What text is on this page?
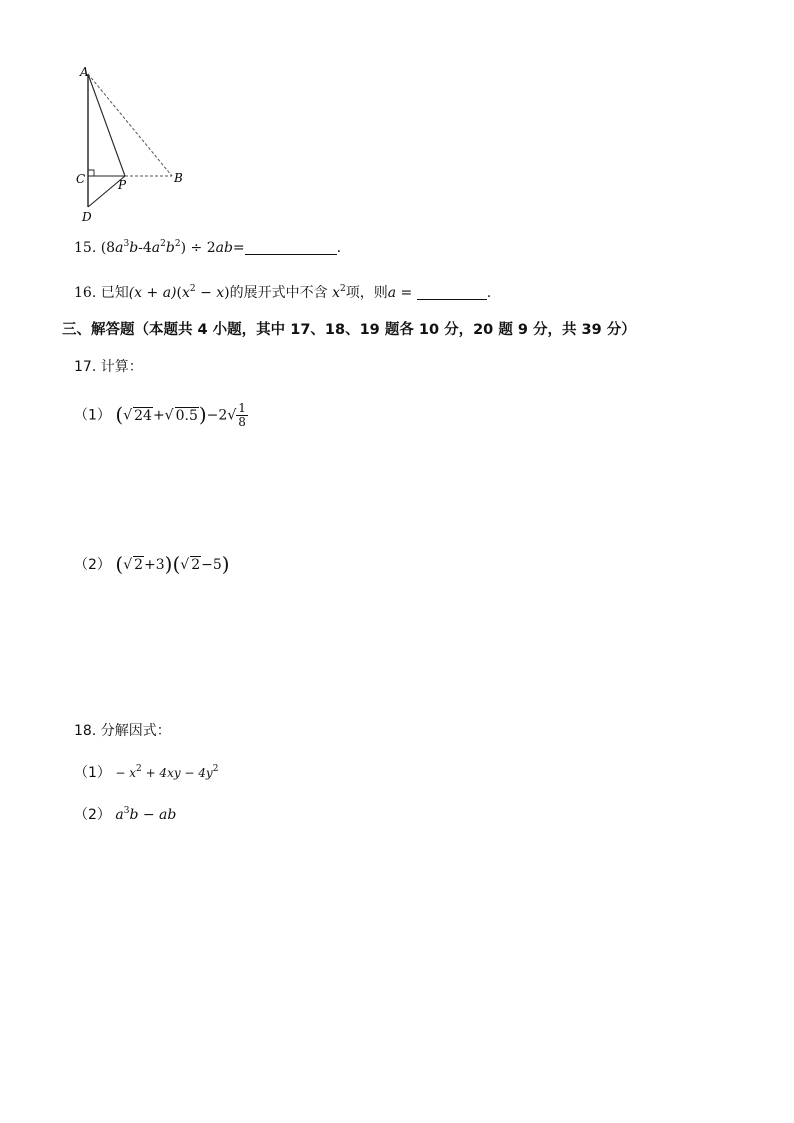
A
C	P	B
D
15. $(8a^3b-4a^2b^2) \div 2ab=$	.
16. 已知$(x + a)(x^2 - x)$的展开式中不含 $x^2$项，则a =	.
三、解答题（本题共 4 小题，其中 17、18、19 题各 10 分，20 题 9 分，共 39 分）
17. 计算：
（1） (√ 24+√ $0.5)-2√ \frac{1}{8}$
（2） (√ 2+3)(√ 2−5)
18. 分解因式：
$(1) - x^2 + 4xy - 4y^2$
（2） $a^3b$ − ab
